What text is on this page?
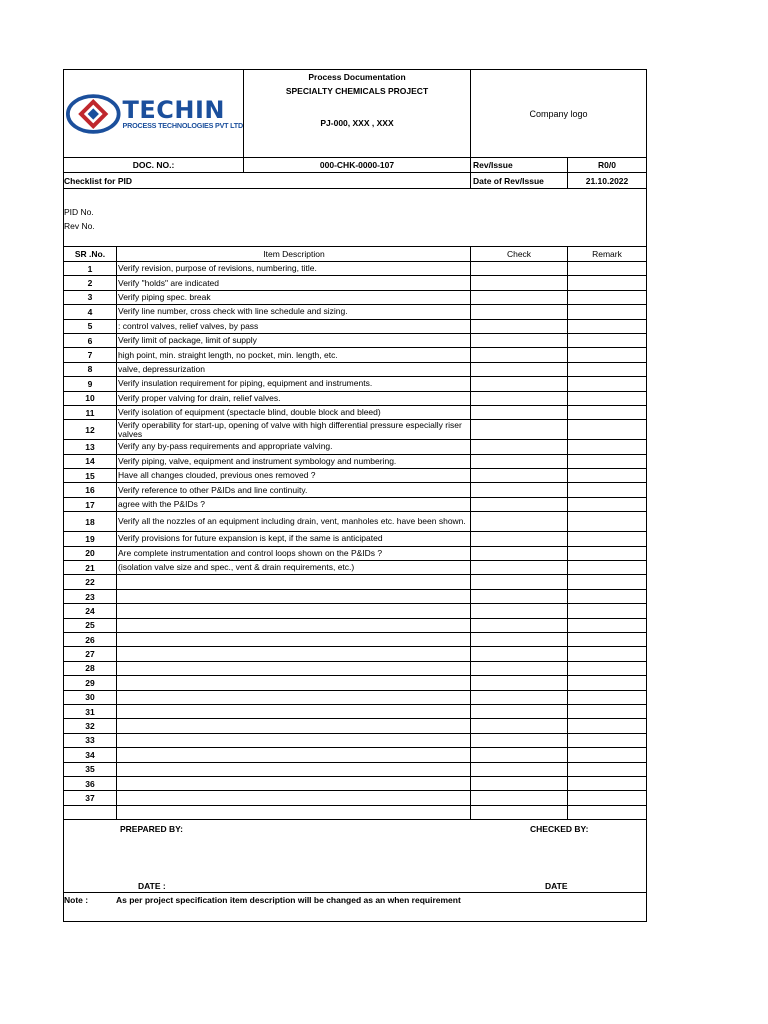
TECHIN
PROCESS TECHNOLOGIES PVT LTD
Process Documentation
SPECIALTY CHEMICALS PROJECT
PJ-000, XXX , XXX
Company logo
DOC. NO.:	000-CHK-0000-107	Rev/Issue	R0/0
Checklist for PID	Date of Rev/Issue	21.10.2022
PID No.
Rev No.
SR .No.	Item Description	Check	Remark
1	Verify revision, purpose of revisions, numbering, title.
2	Verify "holds" are indicated
3	Verify piping spec. break
4	Verify line number, cross check with line schedule and sizing.
5	: control valves, relief valves, by pass
6	Verify limit of package, limit of supply
7	high point, min. straight length, no pocket, min. length, etc.
8	valve, depressurization
9	Verify insulation requirement for piping, equipment and instruments.
10	Verify proper valving for drain, relief valves.
11	Verify isolation of equipment (spectacle blind, double block and bleed)
12	Verify operability for start-up, opening of valve with high differential pressure especially riser valves
13	Verify any by-pass requirements and appropriate valving.
14	Verify piping, valve, equipment and instrument symbology and numbering.
15	Have all changes clouded, previous ones removed ?
16	Verify reference to other P&IDs and line continuity.
17	agree with the P&IDs ?
18	Verify all the nozzles of an equipment including drain, vent, manholes etc. have been shown.
19	Verify provisions for future expansion is kept, if the same is anticipated
20	Are complete instrumentation and control loops shown on the P&IDs ?
21	(isolation valve size and spec., vent & drain requirements, etc.)
22
23
24
25
26
27
28
29
30
31
32
33
34
35
36
37
PREPARED BY:	CHECKED BY:
DATE :	DATE
Note :	As per project specification item description will be changed as an when requirement
